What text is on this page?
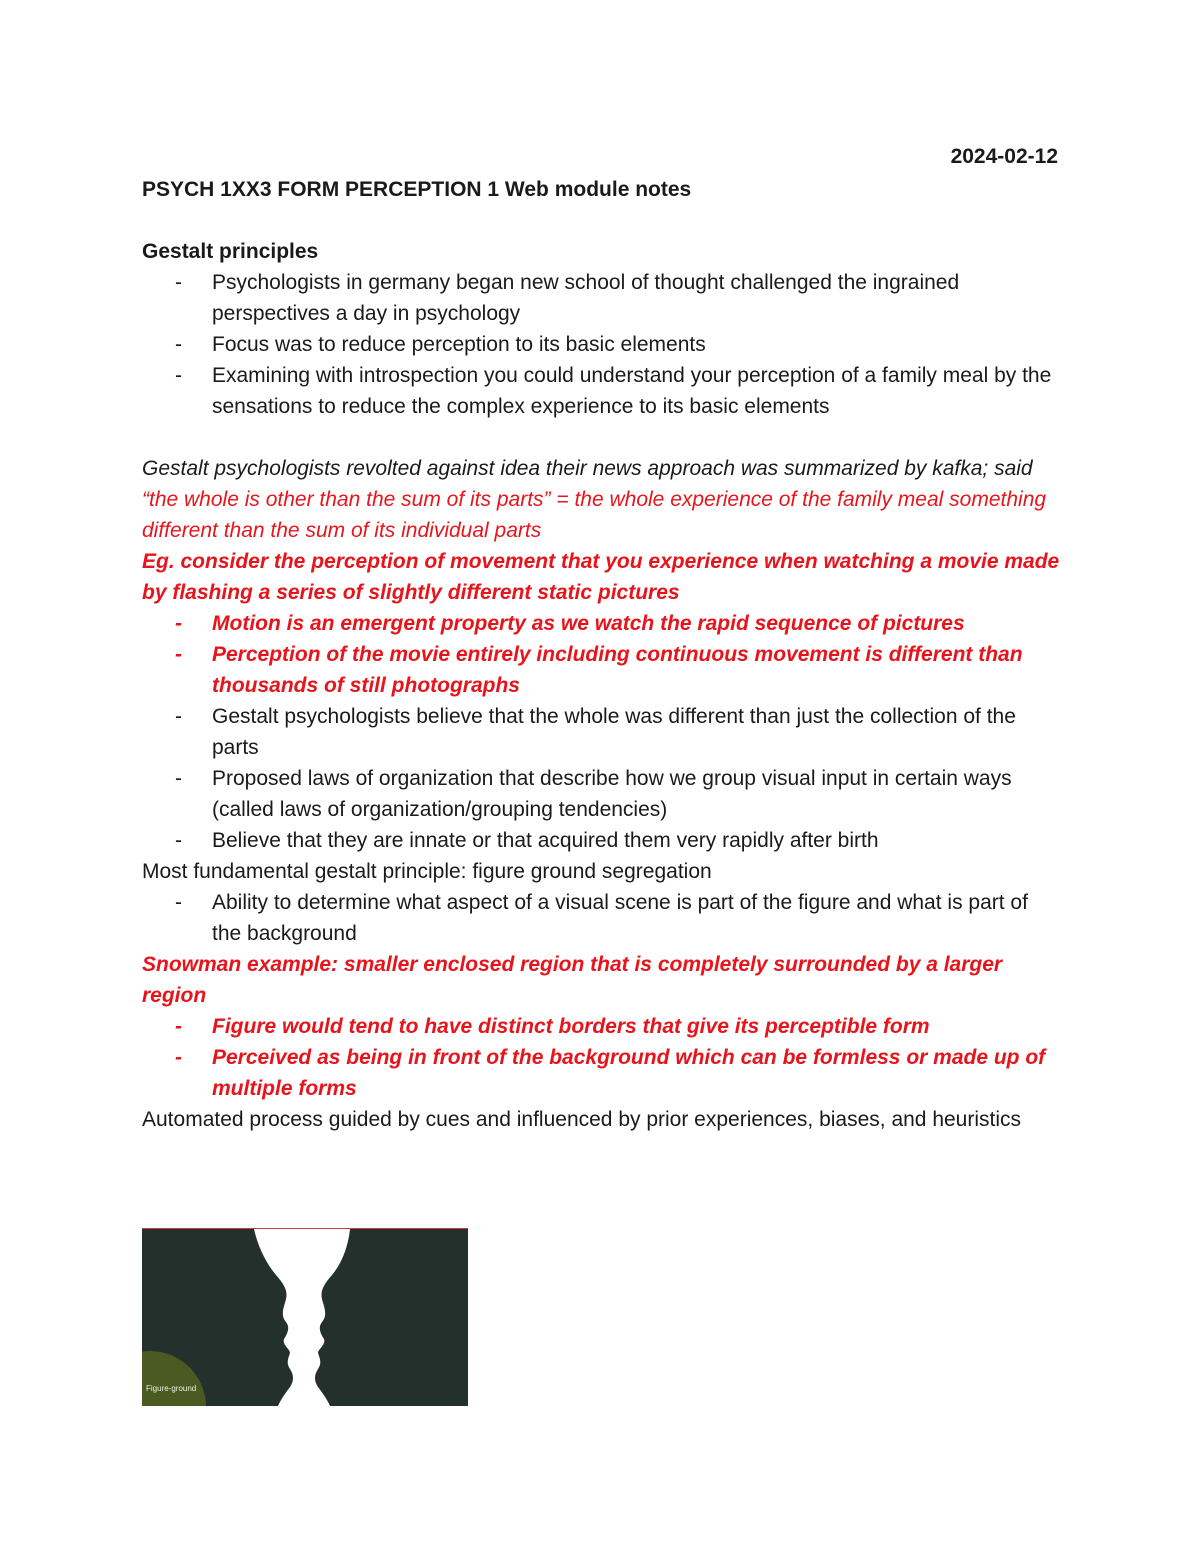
2024-02-12

PSYCH 1XX3 FORM PERCEPTION 1 Web module notes

Gestalt principles

- Psychologists in germany began new school of thought challenged the ingrained perspectives a day in psychology
- Focus was to reduce perception to its basic elements
- Examining with introspection you could understand your perception of a family meal by the sensations to reduce the complex experience to its basic elements

Gestalt psychologists revolted against idea their news approach was summarized by kafka; said “the whole is other than the sum of its parts” = the whole experience of the family meal something different than the sum of its individual parts

Eg. consider the perception of movement that you experience when watching a movie made by flashing a series of slightly different static pictures

- Motion is an emergent property as we watch the rapid sequence of pictures
- Perception of the movie entirely including continuous movement is different than thousands of still photographs
- Gestalt psychologists believe that the whole was different than just the collection of the parts
- Proposed laws of organization that describe how we group visual input in certain ways (called laws of organization/grouping tendencies)
- Believe that they are innate or that acquired them very rapidly after birth

Most fundamental gestalt principle: figure ground segregation

- Ability to determine what aspect of a visual scene is part of the figure and what is part of the background

Snowman example: smaller enclosed region that is completely surrounded by a larger region

- Figure would tend to have distinct borders that give its perceptible form
- Perceived as being in front of the background which can be formless or made up of multiple forms

Automated process guided by cues and influenced by prior experiences, biases, and heuristics

Figure-ground
